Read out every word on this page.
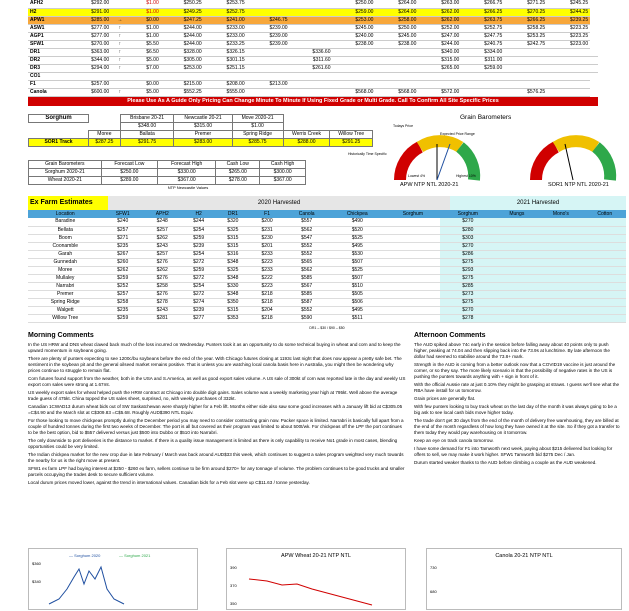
AFH2	$292.00		$1.00	$250.25	$253.75			$250.00	$264.00	$263.00	$266.75	$271.25	$245.25	
H2	$291.00		$1.00	$249.25	$252.75			$259.00	$264.00	$262.00	$266.25	$270.25	$244.25	
APW1	$285.00	→	$0.00	$247.25	$241.00	$246.75		$253.00	$258.00	$262.00	$263.75	$266.25	$239.25	
ASW1	$277.00	↑	$1.00	$244.00	$233.00	$239.00		$245.00	$250.00	$252.00	$252.75	$258.25	$223.25	
AGP1	$277.00	↑	$1.00	$244.00	$233.00	$239.00		$240.00	$245.00	$247.00	$247.75	$253.25	$223.25	
SFW1	$270.00	↑	$5.50	$244.00	$233.25	$239.00		$238.00	$238.00	$244.00	$240.75	$242.75	$223.00	
DR1	$363.00	↑	$6.50	$328.00	$326.15		$336.60			$340.00	$334.00			
DR2	$344.00	↑	$5.00	$305.00	$301.15		$311.60			$315.00	$311.00			
DR3	$294.00	↑	$7.00	$253.00	$251.15		$261.60			$265.00	$259.00			
CO1														
F1	$257.00		$0.00	$215.00	$208.00	$213.00								
Canola	$600.00	↑	$5.00	$552.25	$555.00			$568.00	$568.00	$572.00		$576.25		
Please Use As A Guide Only Pricing Can Change Minute To Minute If Using Fixed Grade or Multi Grade. Call To Confirm All Site Specific Prices
Sorghum		Brisbane 20-21	Newcastle 20-21	Move 2020-21		
		$348.00	$315.00	$1.00		
	Moree	Ballata	Premer	Spring Ridge	Werris Creek	Willow Tree
SOR1 Track	$287.25	$291.75	$283.00	$285.75	$288.00	$291.25
Grain Barometers	Forecast Low	Forecast High	Cash Low	Cash High
Sorghum 2020-21	$250.00	$330.00	$265.00	$300.00
Wheat 2020-21	$289.00	$367.00	$278.00	$367.00
NTP Newcastle Values
Grain Barometers
Todays Price
Expected Price Range
Historically Time Specific
Lowest 4%	Highest 10%
APW NTP NTL 2020-21	SOR1 NTP NTL 2020-21
Ex Farm Estimates	2020 Harvested	2021 Harvested
Location	SFW1	APH2	H2	DR1	F1	Canola	Chickpea	Sorghum	Sorghum	Mungs	Mono's	Cotton
Baradine	$240	$248	$244	$320	$200	$557	$490		$270			
Bellata	$257	$257	$254	$325	$231	$562	$520		$280			
Boom	$271	$262	$259	$315	$230	$547	$525		$303			
Coonamble	$235	$243	$239	$315	$201	$552	$495		$270			
Garah	$267	$257	$254	$316	$233	$552	$530		$286			
Gunnedah	$260	$276	$272	$348	$223	$565	$507		$275			
Moree	$262	$262	$259	$325	$233	$562	$525		$293			
Mullaley	$259	$276	$272	$348	$222	$585	$507		$275			
Narrabri	$252	$258	$254	$330	$223	$567	$510		$285			
Premer	$257	$276	$272	$348	$218	$585	$505		$273			
Spring Ridge	$258	$278	$274	$350	$218	$587	$506		$275			
Walgett	$235	$243	$239	$315	$204	$552	$495		$270			
Willow Tree	$259	$281	$277	$353	$218	$590	$511		$278			
DR1 – $30 / $90 – $50
Morning Comments

In the US HRW and DNS wheat clawed back much of the loss incurred on Wednesday. Punters took it as an opportunity to do some technical buying in wheat and corn and to keep the upward momentum in soybeans going.

There are plenty of punters expecting to see 1200c/bu soybeans before the end of the year. With Chicago futures closing at 1193c last night that does now appear a pretty safe bet. The sentiment in the soybean pit and the general oilseed market remains positive. That is unless you are watching local canola basis here in Australia, you might then be wondering why prices continue to struggle to remain flat.

Corn futures found support from the weather, both in the USA and S.America, as well as good export sales volume. A US sale of 300kt of corn was reported late in the day and weekly US export corn sales were strong at 1.67mt.

US weekly export sales for wheat helped push the HRW contract at Chicago into double digit gains. Sales volume was a weekly marketing year high at 795kt. Well above the average trade guess of 475kt. China topped the US sales sheet, surprised, no, with weekly purchases of 332kt.

Canadian 1CWAD13 durum wheat bids out of SW Saskatchewan were sharply higher for a Feb lift. Months either side also saw some good increases with a January lift bid at C$305.05 =C$4.90 and the March slot at C$309.83 =C$5.68. Roughly AUD$390 NTL Equiv.

For those looking to move chickpeas promptly during the December period you may need to consider contracting grain now. Packer space is limited. Narrabri is basically full apart from a couple of hundred tonnes during the first two weeks of December. The port is all but covered as their program was limited to about 500t/wk. For chickpeas off the LPF the port continues to be the best option, bid to $557 delivered versus just $500 into Dubbo or $510 into Narrabri.

The only downside to port deliveries is the distance to market. If there is a quality issue management is limited as there is only capability to receive No1 grade in most cases, blending opportunities could be very limited.

The Indian chickpea market for the new crop due in late February / March was back around AUD$33 this week, which continues to suggest a sales program weighted very much towards the nearby for us is the right move at present.

SFW1 ex farm LPF had buying interest at $250 - $260 ex farm, sellers continue to be firm around $270+ for any tonnage of volume. The problem continues to be good trucks and smaller parcels occupying the trades desk to secure sufficient volume.

Local durum prices moved lower, against the trend in international values. Canadian bids for a Feb slot were up C$11.63 / tonne yesterday.

Afternoon Comments

The AUD spiked above 74c early in the session before falling away about 40 points only to push higher, peaking at 74.04 and then slipping back into the 73.9s at lunchtime. By late afternoon the dollar had seemed to stabilise around the 73.8+ mark.

Strength in the AUD is coming from a better outlook now that a COVID19 vaccine is just around the corner, or so they say. The more likely scenario is that the possibility of negative rates in the US is pushing the punters towards anything with + sign in front of it.

With the official Aussie rate at just 0.10% they might be grasping at straws. I guess we'll see what the RBA have install for us tomorrow.

Grain prices are generally flat.

With few punters looking to buy track wheat on the last day of the month it was always going to be a big ask to see local cash bids move higher today.

The trade don't get 30 days from the end of the month of delivery free warehousing, they are billed at the end of the month regardless of how long they have owned it at the site. So if they got a transfer to them today they would pay warehousing on it tomorrow.

Keep an eye on track canola tomorrow.

I have some demand for F1 into Tamworth next week, paying about $215 delivered but looking for offers to sell, we may make it work higher. SFW1 Tamworth bid $275 Dec / Jan.

Durum started weaker thanks to the AUD before climbing a couple as the AUD weakened.

— Sorghum 2020	— Sorghum 2021
$360
$340
APW Wheat 20-21 NTP NTL
390
370
350
Canola 20-21 NTP NTL
730
680
